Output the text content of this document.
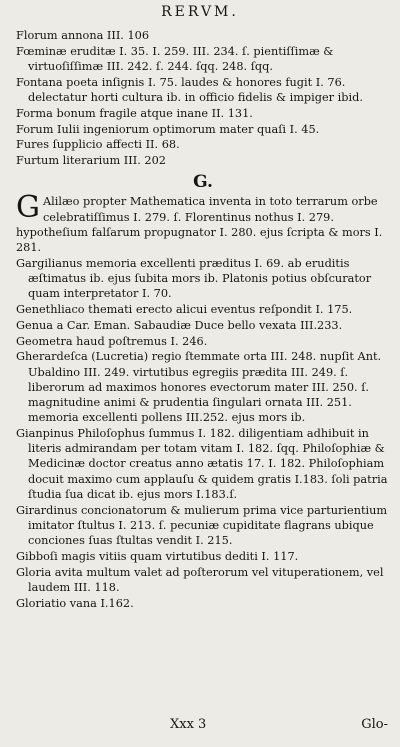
RERVM.
Florum annona III. 106
Fœminæ eruditæ I. 35. I. 259. III. 234. ſ. pientiſſimæ & virtuoſiſſimæ III. 242. ſ. 244. ſqq. 248. ſqq.
Fontana poeta inſignis I. 75. laudes & honores fugit I. 76. delectatur horti cultura ib. in officio fidelis & impiger ibid.
Forma bonum fragile atque inane II. 131.
Forum Iulii ingeniorum optimorum mater quaſi I. 45.
Fures ſupplicio affecti II. 68.
Furtum literarium III. 202
G.
G Alilæo propter Mathematica inventa in toto terrarum orbe celebratiſſimus I. 279. ſ. Florentinus nothus I. 279. hypotheſium falſarum propugnator I. 280. ejus ſcripta & mors I. 281.
Gargilianus memoria excellenti præditus I. 69. ab eruditis æſtimatus ib. ejus ſubita mors ib. Platonis potius obſcurator quam interpretator I. 70.
Genethliaco themati erecto alicui eventus reſpondit I. 175.
Genua a Car. Eman. Sabaudiæ Duce bello vexata III.233.
Geometra haud poſtremus I. 246.
Gherardeſca (Lucretia) regio ſtemmate orta III. 248. nupſit Ant. Ubaldino III. 249. virtutibus egregiis prædita III. 249. ſ. liberorum ad maximos honores evectorum mater III. 250. ſ. magnitudine animi & prudentia ſingulari ornata III. 251. memoria excellenti pollens III.252. ejus mors ib.
Gianpinus Philoſophus ſummus I. 182. diligentiam adhibuit in literis admirandam per totam vitam I. 182. ſqq. Philoſophiæ & Medicinæ doctor creatus anno ætatis 17. I. 182. Philoſophiam docuit maximo cum applauſu & quidem gratis I.183. ſoli patria ſtudia ſua dicat ib. ejus mors I.183.ſ.
Girardinus concionatorum & mulierum prima vice parturientium imitator ſtultus I. 213. ſ. pecuniæ cupiditate flagrans ubique conciones ſuas ſtultas vendit I. 215.
Gibboſi magis vitiis quam virtutibus dediti I. 117.
Gloria avita multum valet ad poſterorum vel vituperationem, vel laudem III. 118.
Gloriatio vana I.162.
Xxx 3	Glo-
